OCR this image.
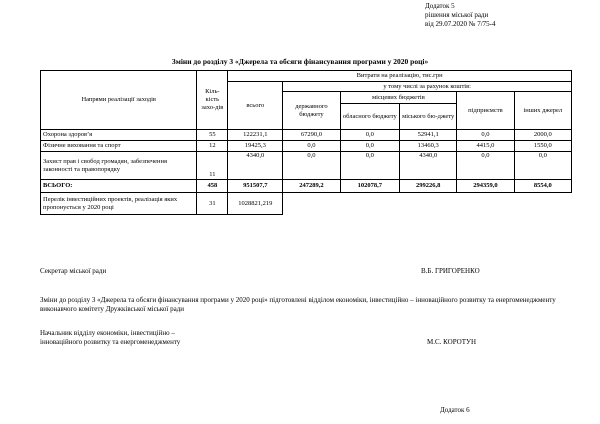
Додаток 5
рішення міської ради
від 29.07.2020 № 7/75-4
Зміни до розділу 3 «Джерела та обсяги фінансування програми у 2020 році»
Напрями реалізації заходів	Кіль-кість захо-дів	Витрати на реалізацію, тис.грн					
		всього	у тому числі за рахунок коштів:				
			державного бюджету	місцевих бюджетів		підприємств	інших джерел
				обласного бюджету	міського бю-джету		
Охорона здоров’я	55	122231,1	67290,0	0,0	52941,1	0,0	2000,0
Фізичне виховання та спорт	12	19425,3	0,0	0,0	13460,3	4415,0	1550,0
Захист прав і свобод громадян, забезпечення законності та правопорядку	11	4340,0	0,0	0,0	4340,0	0,0	0,0
ВСЬОГО:	458	951507,7	247289,2	102078,7	299226,8	294359,0	8554,0
Перелік інвестиційних проектів, реалізація яких пропонується у 2020 році	31	1028821,219					
Секретар міської ради	В.Б. ГРИГОРЕНКО
Зміни до розділу 3 «Джерела та обсяги фінансування програми у 2020 році» підготовлені відділом економіки, інвестиційно – інноваційного розвитку та енергоменеджменту виконавчого комітету Дружківської міської ради
Начальник відділу економіки, інвестиційно –
інноваційного розвитку та енергоменеджменту	М.С. КОРОТУН
Додаток 6
